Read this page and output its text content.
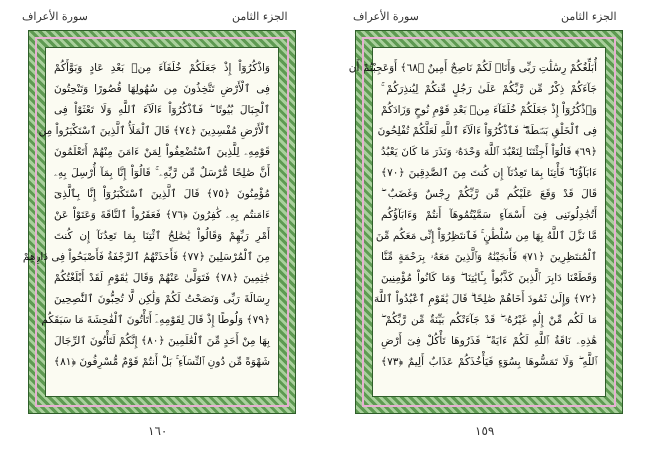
سورة الأعراف	الجزء الثامن
وَاذْكُرُوٓاْ إِذْ جَعَلَكُمْ خُلَفَآءَ مِنۢ بَعْدِ عَادٍ وَبَوَّأَكُمْ
فِى ٱلْأَرْضِ تَتَّخِذُونَ مِن سُهُولِهَا قُصُورًا وَتَنْحِتُونَ
ٱلْجِبَالَ بُيُوتًا ۖ فَٱذْكُرُوٓاْ ءَالَآءَ ٱللَّهِ وَلَا تَعْثَوْاْ فِى
ٱلْأَرْضِ مُفْسِدِينَ ﴿٧٤﴾ قَالَ ٱلْمَلَأُ ٱلَّذِينَ ٱسْتَكْبَرُواْ مِن
قَوْمِهِۦ لِلَّذِينَ ٱسْتُضْعِفُواْ لِمَنْ ءَامَنَ مِنْهُمْ أَتَعْلَمُونَ
أَنَّ صَٰلِحًا مُّرْسَلٌ مِّن رَّبِّهِۦ ۚ قَالُوٓاْ إِنَّا بِمَآ أُرْسِلَ بِهِۦ
مُؤْمِنُونَ ﴿٧٥﴾ قَالَ ٱلَّذِينَ ٱسْتَكْبَرُوٓاْ إِنَّا بِٱلَّذِىٓ
ءَامَنتُم بِهِۦ كَٰفِرُونَ ﴿٧٦﴾ فَعَقَرُواْ ٱلنَّاقَةَ وَعَتَوْاْ عَنْ
أَمْرِ رَبِّهِمْ وَقَالُواْ يَٰصَٰلِحُ ٱئْتِنَا بِمَا تَعِدُنَآ إِن كُنتَ
مِنَ ٱلْمُرْسَلِينَ ﴿٧٧﴾ فَأَخَذَتْهُمُ ٱلرَّجْفَةُ فَأَصْبَحُواْ فِى دَارِهِمْ
جَٰثِمِينَ ﴿٧٨﴾ فَتَوَلَّىٰ عَنْهُمْ وَقَالَ يَٰقَوْمِ لَقَدْ أَبْلَغْتُكُمْ
رِسَالَةَ رَبِّى وَنَصَحْتُ لَكُمْ وَلَٰكِن لَّا تُحِبُّونَ ٱلنَّٰصِحِينَ
﴿٧٩﴾ وَلُوطًا إِذْ قَالَ لِقَوْمِهِۦٓ أَتَأْتُونَ ٱلْفَٰحِشَةَ مَا سَبَقَكُم
بِهَا مِنْ أَحَدٍ مِّنَ ٱلْعَٰلَمِينَ ﴿٨٠﴾ إِنَّكُمْ لَتَأْتُونَ ٱلرِّجَالَ
شَهْوَةً مِّن دُونِ ٱلنِّسَآءِ ۚ بَلْ أَنتُمْ قَوْمٌ مُّسْرِفُونَ ﴿٨١﴾
١٦٠
سورة الأعراف	الجزء الثامن
أُبَلِّغُكُمْ رِسَٰلَٰتِ رَبِّى وَأَنَا۠ لَكُمْ نَاصِحٌ أَمِينٌ ﴿٦٨﴾ أَوَعَجِبْتُمْ أَن
جَآءَكُمْ ذِكْرٌ مِّن رَّبِّكُمْ عَلَىٰ رَجُلٍ مِّنكُمْ لِيُنذِرَكُمْ ۚ
وَٱذْكُرُوٓاْ إِذْ جَعَلَكُمْ خُلَفَآءَ مِنۢ بَعْدِ قَوْمِ نُوحٍ وَزَادَكُمْ
فِى ٱلْخَلْقِ بَصْۜطَةً ۖ فَٱذْكُرُوٓاْ ءَالَآءَ ٱللَّهِ لَعَلَّكُمْ تُفْلِحُونَ
﴿٦٩﴾ قَالُوٓاْ أَجِئْتَنَا لِنَعْبُدَ ٱللَّهَ وَحْدَهُۥ وَنَذَرَ مَا كَانَ يَعْبُدُ
ءَابَآؤُنَا ۖ فَأْتِنَا بِمَا تَعِدُنَآ إِن كُنتَ مِنَ ٱلصَّٰدِقِينَ ﴿٧٠﴾
قَالَ قَدْ وَقَعَ عَلَيْكُم مِّن رَّبِّكُمْ رِجْسٌ وَغَضَبٌ ۖ
أَتُجَٰدِلُونَنِى فِىٓ أَسْمَآءٍ سَمَّيْتُمُوهَآ أَنتُمْ وَءَابَآؤُكُم
مَّا نَزَّلَ ٱللَّهُ بِهَا مِن سُلْطَٰنٍ ۚ فَٱنتَظِرُوٓاْ إِنِّى مَعَكُم مِّنَ
ٱلْمُنتَظِرِينَ ﴿٧١﴾ فَأَنجَيْنَٰهُ وَٱلَّذِينَ مَعَهُۥ بِرَحْمَةٍ مِّنَّا
وَقَطَعْنَا دَابِرَ ٱلَّذِينَ كَذَّبُواْ بِـَٔايَٰتِنَا ۖ وَمَا كَانُواْ مُؤْمِنِينَ
﴿٧٢﴾ وَإِلَىٰ ثَمُودَ أَخَاهُمْ صَٰلِحًا ۗ قَالَ يَٰقَوْمِ ٱعْبُدُواْ ٱللَّهَ
مَا لَكُم مِّنْ إِلَٰهٍ غَيْرُهُۥ ۖ قَدْ جَآءَتْكُم بَيِّنَةٌ مِّن رَّبِّكُمْ ۖ
هَٰذِهِۦ نَاقَةُ ٱللَّهِ لَكُمْ ءَايَةً ۖ فَذَرُوهَا تَأْكُلْ فِىٓ أَرْضِ
ٱللَّهِ ۖ وَلَا تَمَسُّوهَا بِسُوٓءٍ فَيَأْخُذَكُمْ عَذَابٌ أَلِيمٌ ﴿٧٣﴾
١٥٩
